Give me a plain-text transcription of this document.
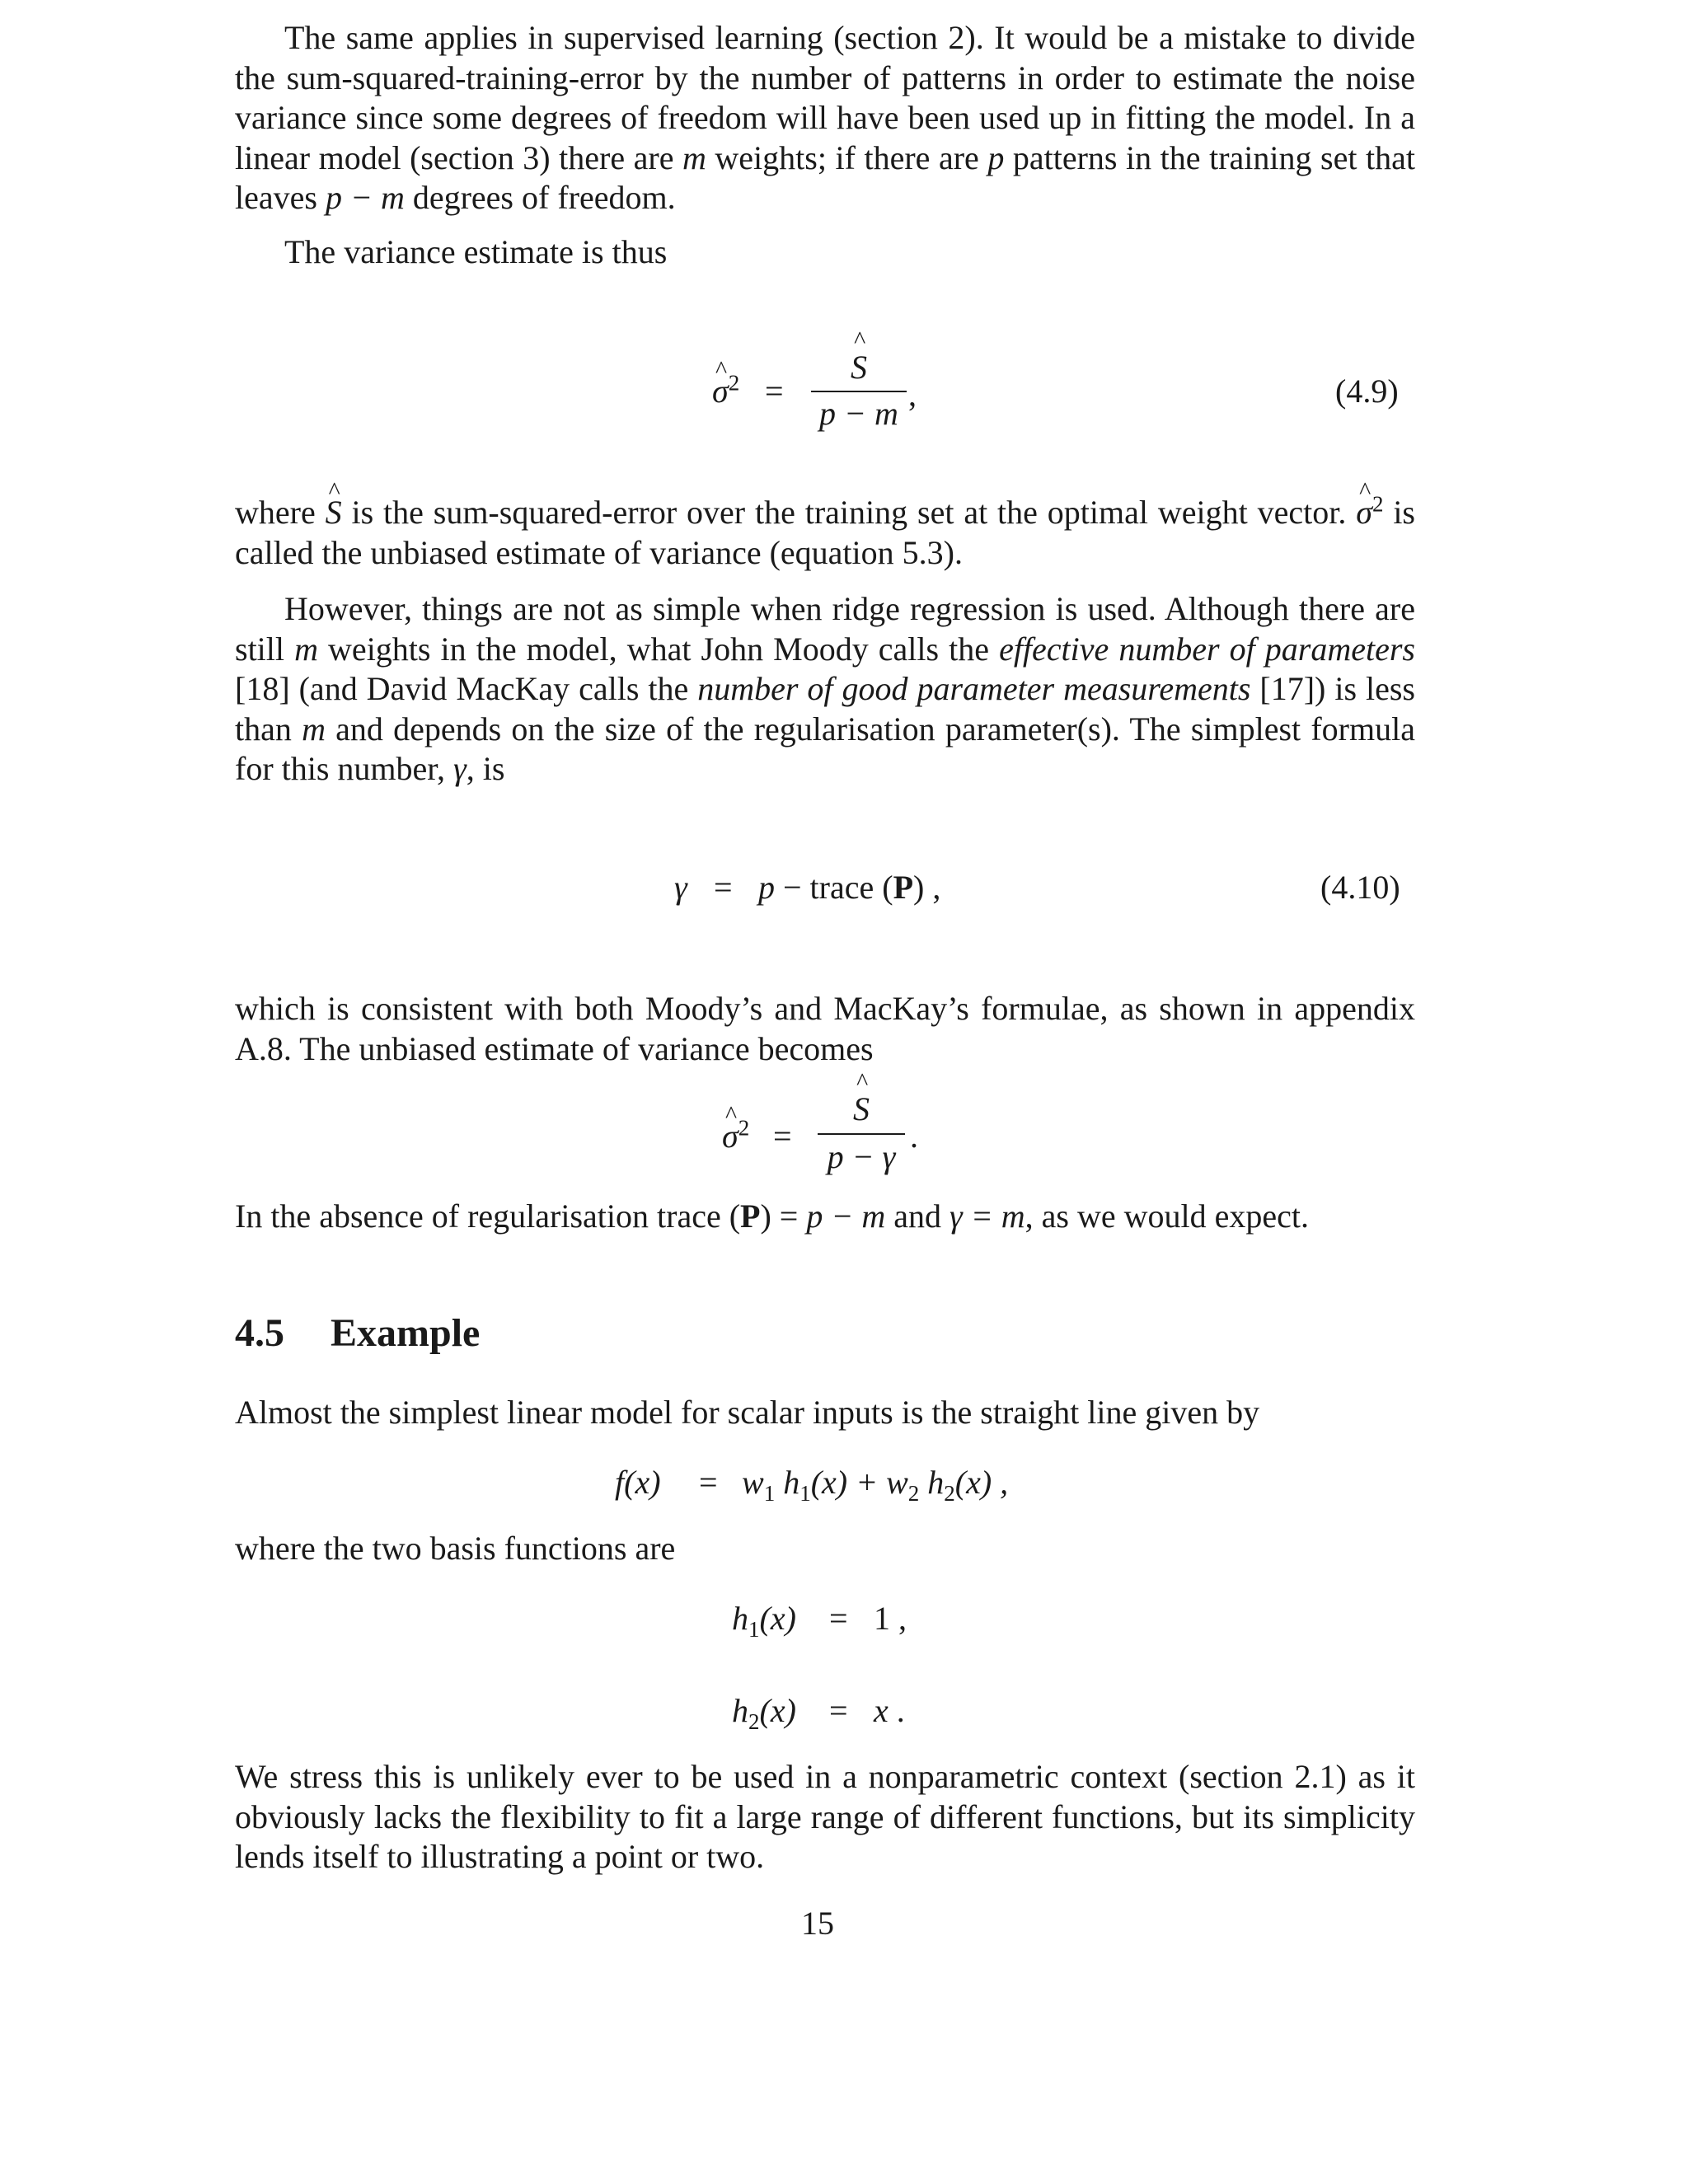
The same applies in supervised learning (section 2). It would be a mistake to divide the sum-squared-training-error by the number of patterns in order to estimate the noise variance since some degrees of freedom will have been used up in fitting the model. In a linear model (section 3) there are m weights; if there are p patterns in the training set that leaves p − m degrees of freedom.

The variance estimate is thus

^ $\sigma^2$ =
^ S
p − m
,	(4.9)

where ^ S is the sum-squared-error over the training set at the optimal weight vector. ^ $\sigma^2$ is called the unbiased estimate of variance (equation 5.3).

However, things are not as simple when ridge regression is used. Although there are still m weights in the model, what John Moody calls the effective number of parameters [18] (and David MacKay calls the number of good parameter measurements [17]) is less than m and depends on the size of the regularisation parameter(s). The simplest formula for this number, γ, is

γ = p − trace (P) ,	(4.10)

which is consistent with both Moody’s and MacKay’s formulae, as shown in appendix A.8. The unbiased estimate of variance becomes

^ $\sigma^2$ =
^ S
p − γ
.

In the absence of regularisation trace (P) = p − m and γ = m, as we would expect.

4.5 Example

Almost the simplest linear model for scalar inputs is the straight line given by

$f(x) = w_1$ $h_1(x) + w_2$ $h_2(x)$ ,

where the two basis functions are

$h_1(x) = 1$ ,
$h_2(x) = x$ .

We stress this is unlikely ever to be used in a nonparametric context (section 2.1) as it obviously lacks the flexibility to fit a large range of different functions, but its simplicity lends itself to illustrating a point or two.

15
